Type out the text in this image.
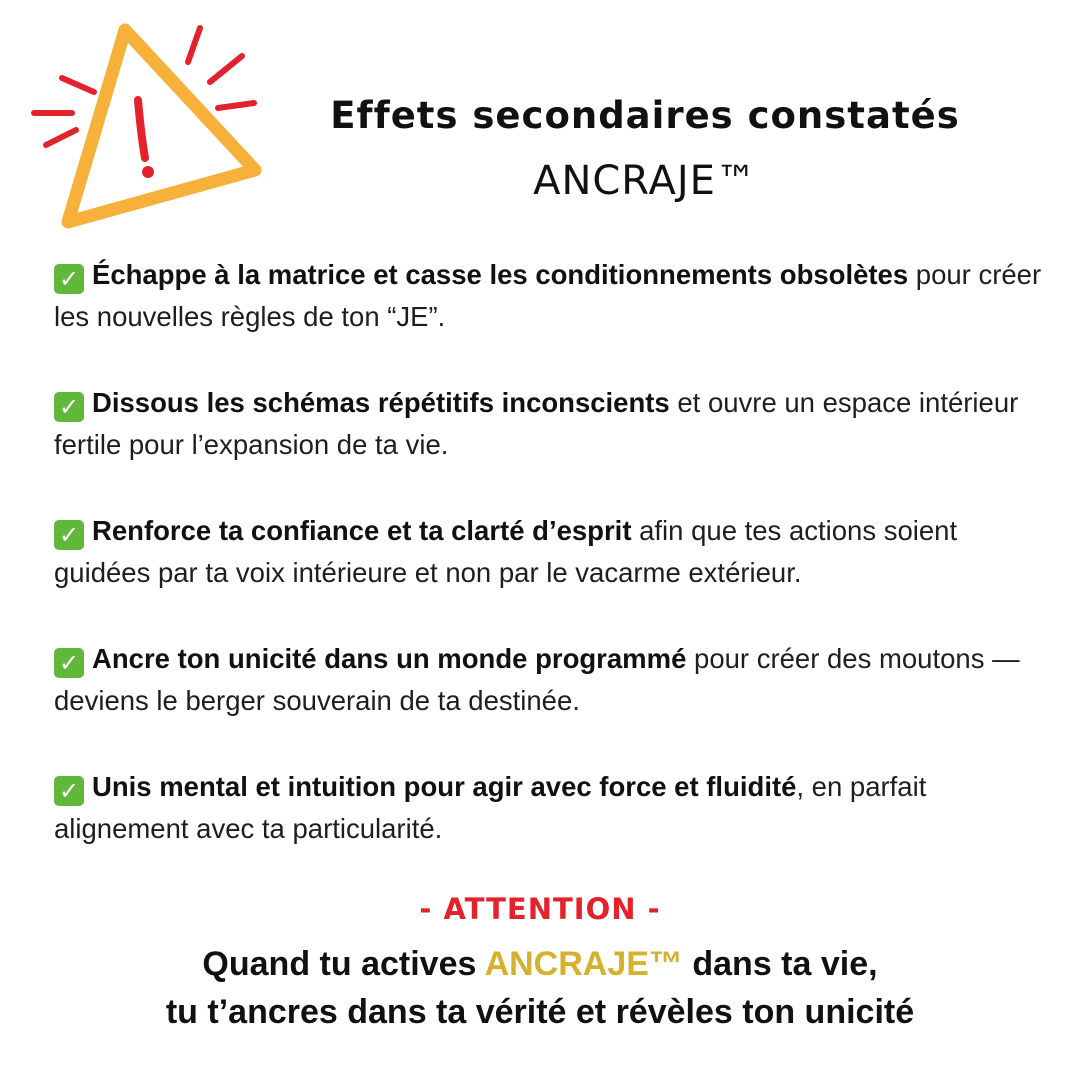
Effets secondaires constatés
ANCRAJE™

✓ Échappe à la matrice et casse les conditionnements obsolètes pour créer les nouvelles règles de ton “JE”.

✓ Dissous les schémas répétitifs inconscients et ouvre un espace intérieur fertile pour l’expansion de ta vie.

✓ Renforce ta confiance et ta clarté d’esprit afin que tes actions soient guidées par ta voix intérieure et non par le vacarme extérieur.

✓ Ancre ton unicité dans un monde programmé pour créer des moutons — deviens le berger souverain de ta destinée.

✓ Unis mental et intuition pour agir avec force et fluidité, en parfait alignement avec ta particularité.

- ATTENTION -
Quand tu actives ANCRAJE™ dans ta vie,
tu t’ancres dans ta vérité et révèles ton unicité
